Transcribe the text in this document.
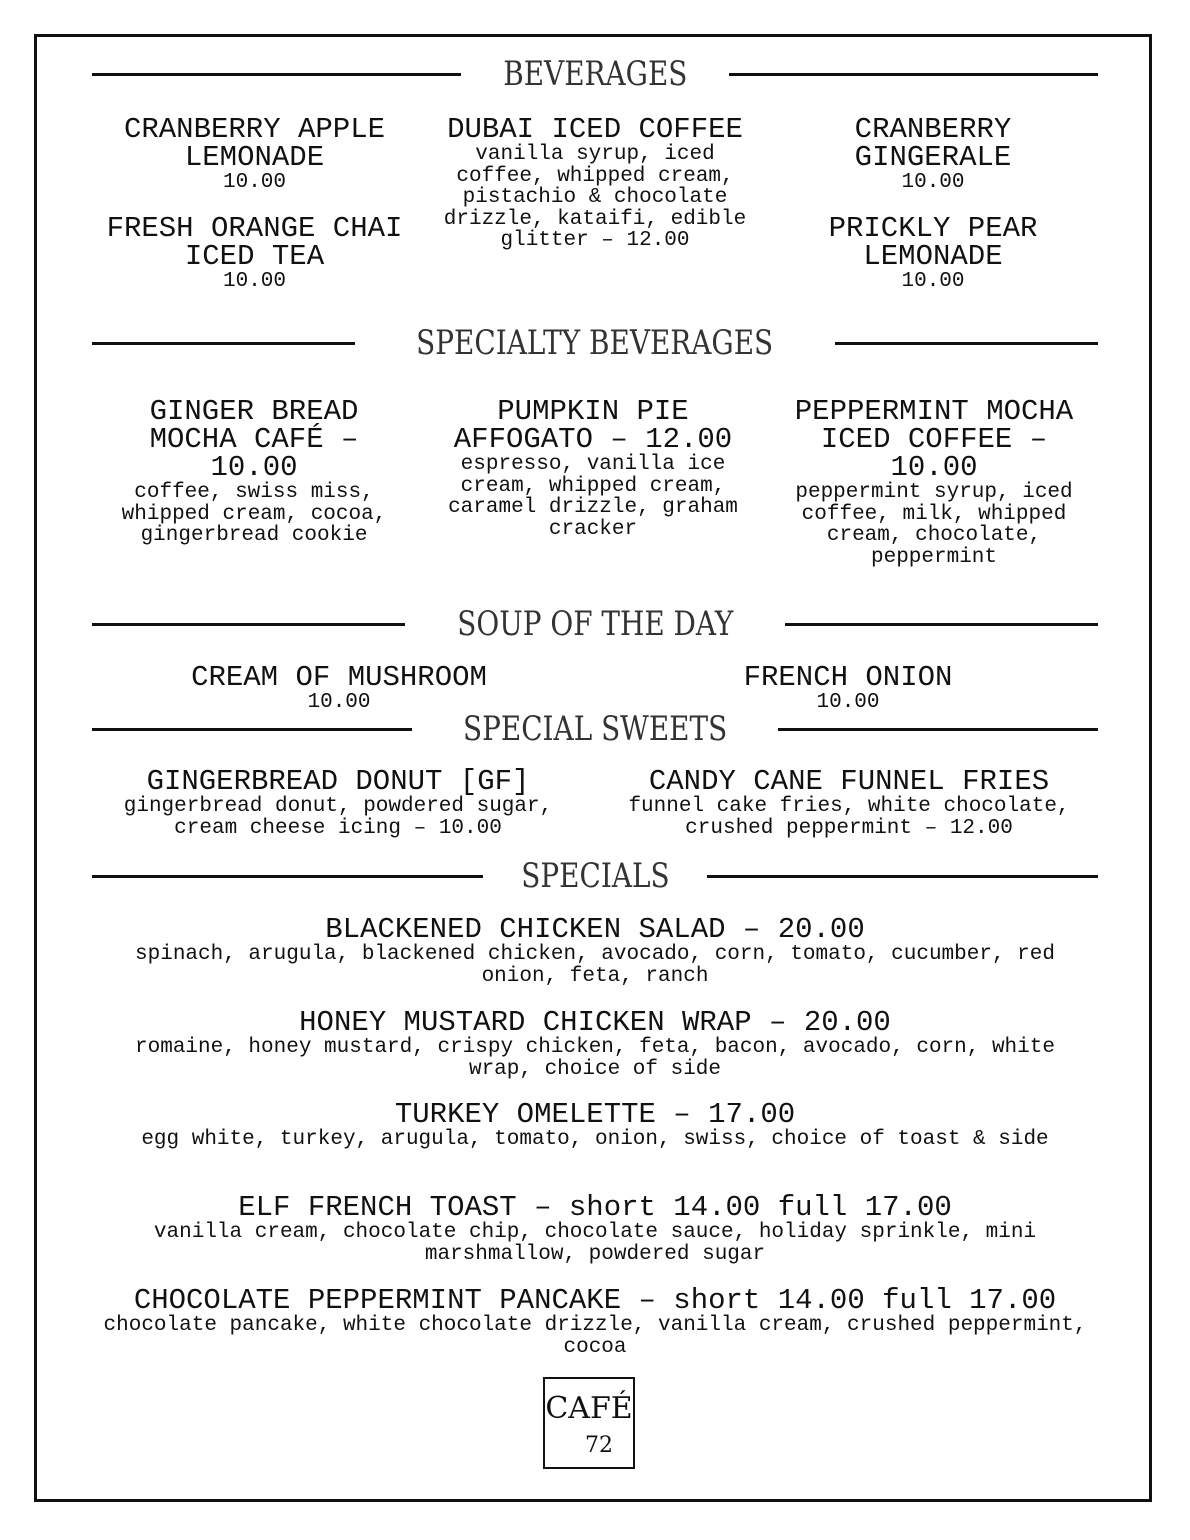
BEVERAGES
CRANBERRY APPLE LEMONADE
10.00
FRESH ORANGE CHAI ICED TEA
10.00
DUBAI ICED COFFEE
vanilla syrup, iced coffee, whipped cream, pistachio & chocolate drizzle, kataifi, edible glitter – 12.00
CRANBERRY GINGERALE
10.00
PRICKLY PEAR LEMONADE
10.00
SPECIALTY BEVERAGES
GINGER BREAD MOCHA CAFÉ – 10.00
coffee, swiss miss, whipped cream, cocoa, gingerbread cookie
PUMPKIN PIE AFFOGATO – 12.00
espresso, vanilla ice cream, whipped cream, caramel drizzle, graham cracker
PEPPERMINT MOCHA ICED COFFEE – 10.00
peppermint syrup, iced coffee, milk, whipped cream, chocolate, peppermint
SOUP OF THE DAY
CREAM OF MUSHROOM
10.00
FRENCH ONION
10.00
SPECIAL SWEETS
GINGERBREAD DONUT [GF]
gingerbread donut, powdered sugar, cream cheese icing – 10.00
CANDY CANE FUNNEL FRIES
funnel cake fries, white chocolate, crushed peppermint – 12.00
SPECIALS
BLACKENED CHICKEN SALAD – 20.00
spinach, arugula, blackened chicken, avocado, corn, tomato, cucumber, red onion, feta, ranch
HONEY MUSTARD CHICKEN WRAP – 20.00
romaine, honey mustard, crispy chicken, feta, bacon, avocado, corn, white wrap, choice of side
TURKEY OMELETTE – 17.00
egg white, turkey, arugula, tomato, onion, swiss, choice of toast & side
ELF FRENCH TOAST – short 14.00 full 17.00
vanilla cream, chocolate chip, chocolate sauce, holiday sprinkle, mini marshmallow, powdered sugar
CHOCOLATE PEPPERMINT PANCAKE – short 14.00 full 17.00
chocolate pancake, white chocolate drizzle, vanilla cream, crushed peppermint, cocoa
CAFÉ
72
